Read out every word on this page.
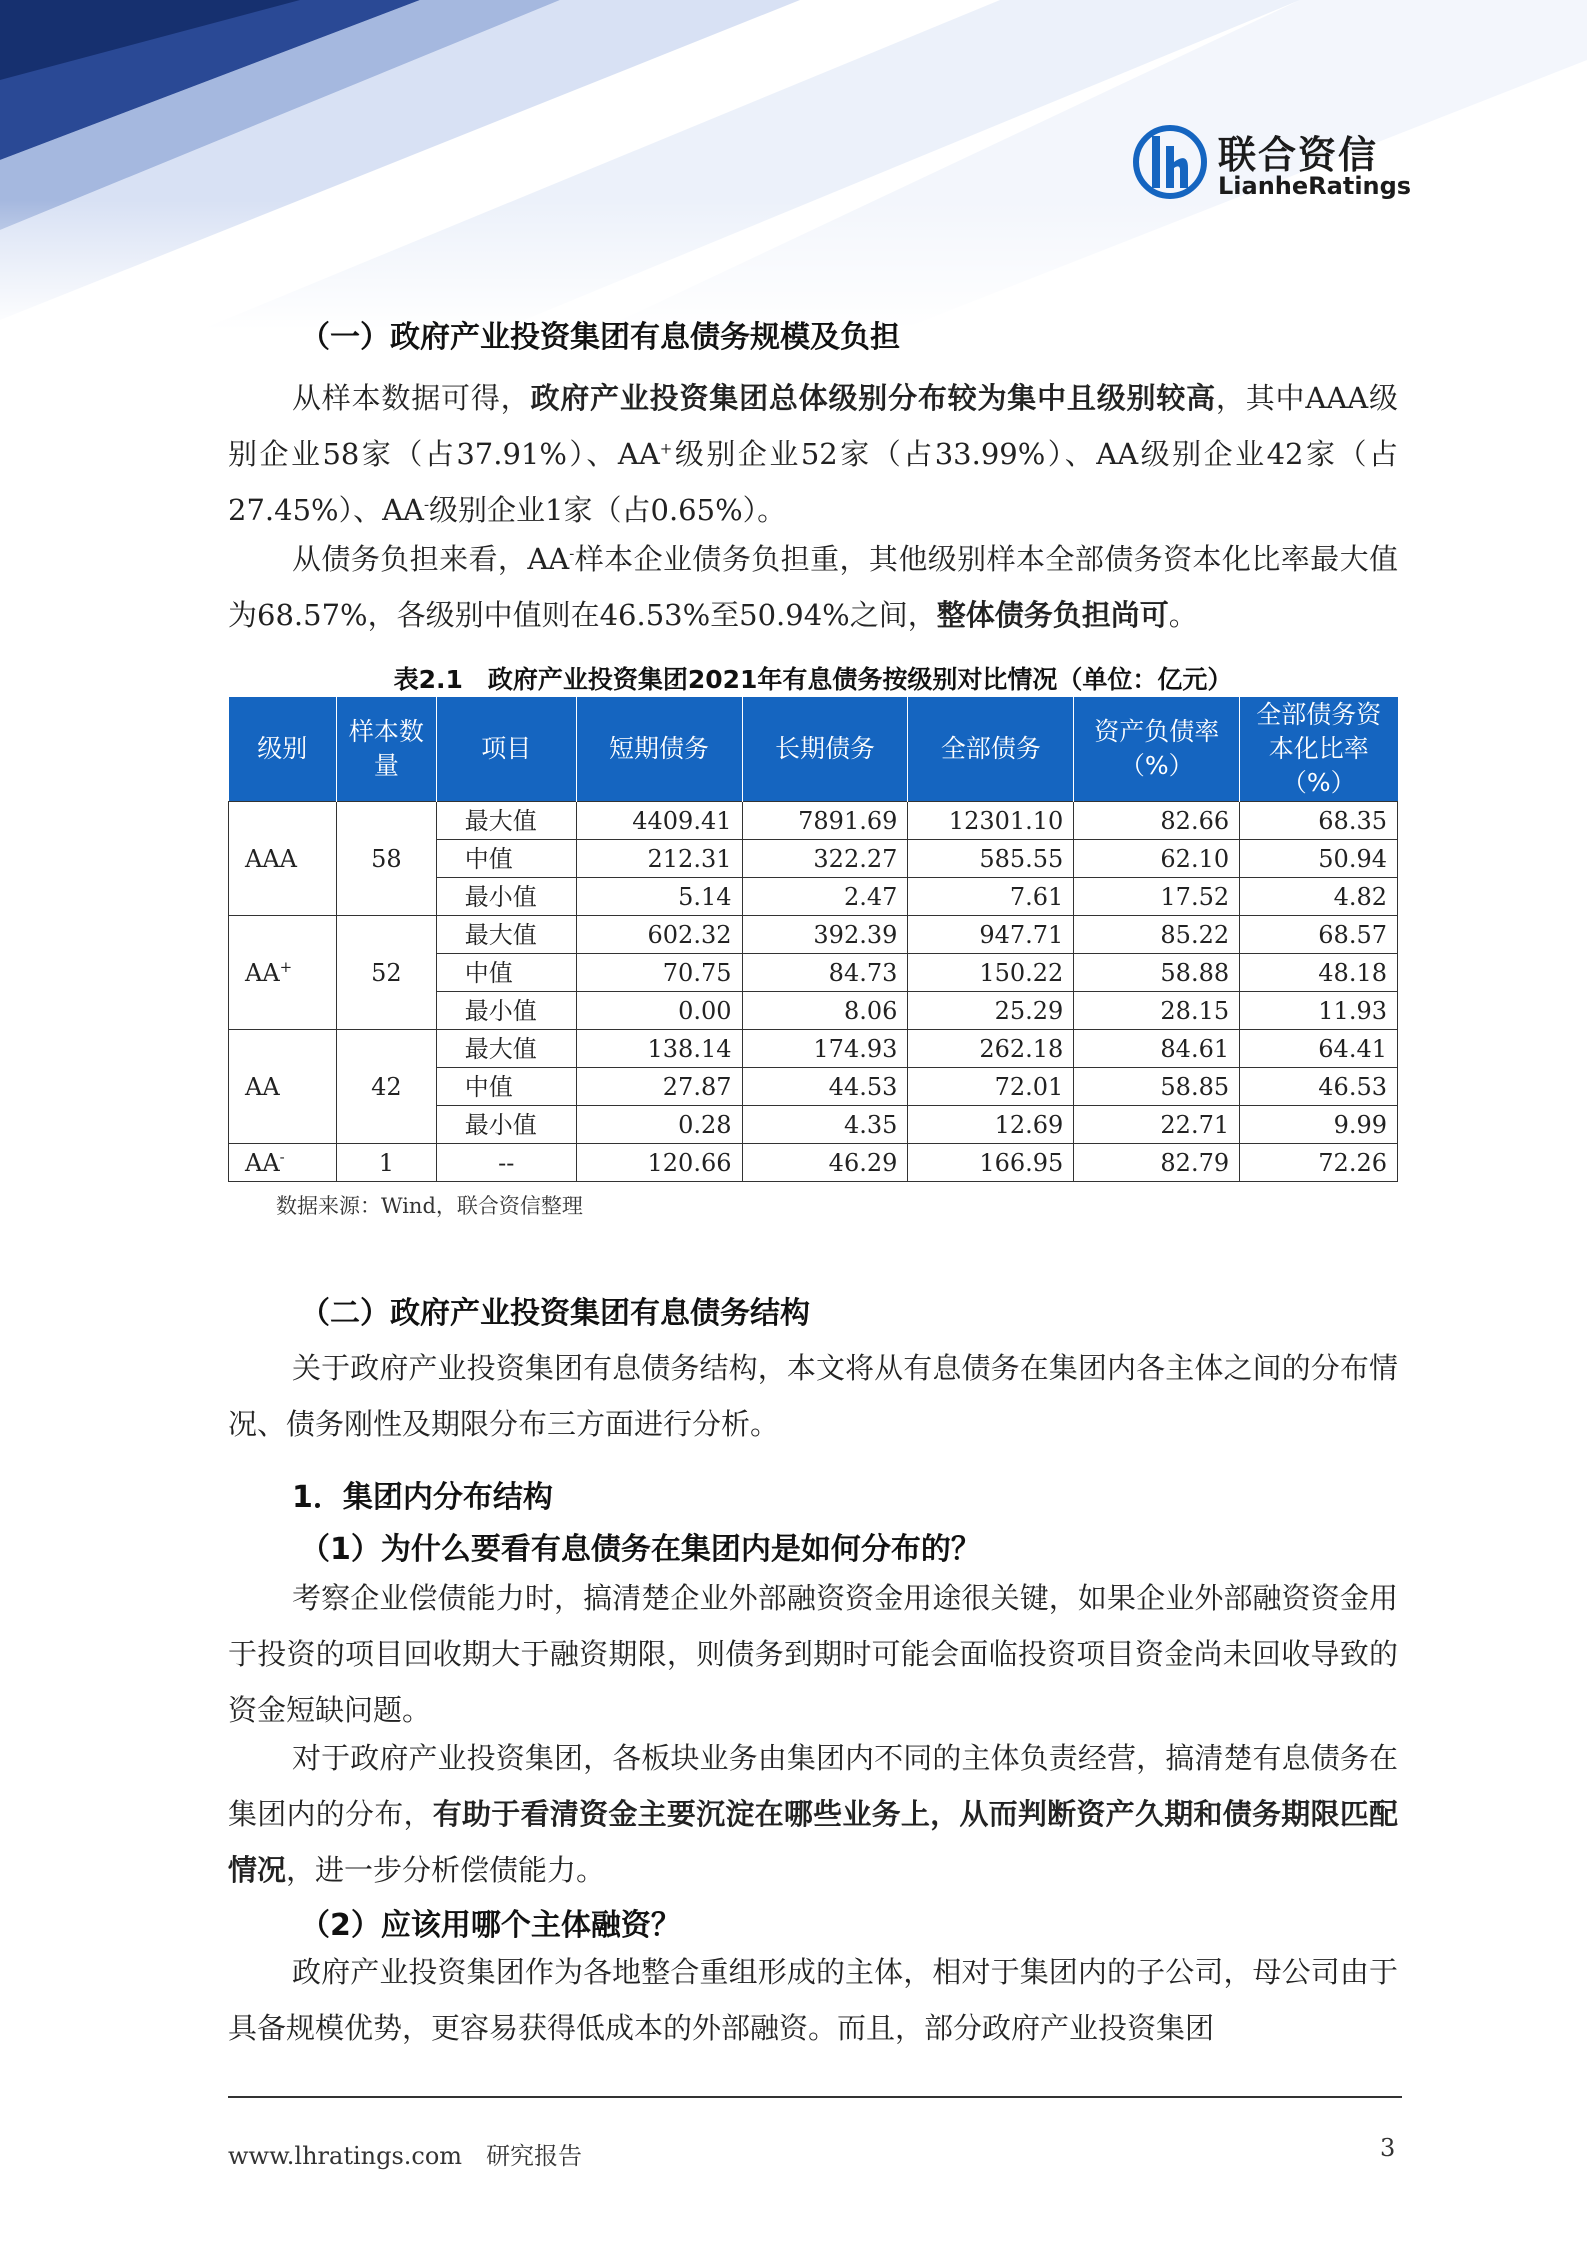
联合资信
LianheRatings
（一）政府产业投资集团有息债务规模及负担
从样本数据可得，政府产业投资集团总体级别分布较为集中且级别较高，其中AAA级别企业58家（占37.91%）、AA+级别企业52家（占33.99%）、AA级别企业42家（占27.45%）、AA-级别企业1家（占0.65%）。
从债务负担来看，AA-样本企业债务负担重，其他级别样本全部债务资本化比率最大值为68.57%，各级别中值则在46.53%至50.94%之间，整体债务负担尚可。
表2.1　政府产业投资集团2021年有息债务按级别对比情况（单位：亿元）
级别	样本数量	项目	短期债务	长期债务	全部债务	资产负债率（%）	全部债务资本化比率（%）
AAA	58	最大值	4409.41	7891.69	12301.10	82.66	68.35
		中值	212.31	322.27	585.55	62.10	50.94
		最小值	5.14	2.47	7.61	17.52	4.82
AA+	52	最大值	602.32	392.39	947.71	85.22	68.57
		中值	70.75	84.73	150.22	58.88	48.18
		最小值	0.00	8.06	25.29	28.15	11.93
AA	42	最大值	138.14	174.93	262.18	84.61	64.41
		中值	27.87	44.53	72.01	58.85	46.53
		最小值	0.28	4.35	12.69	22.71	9.99
AA-	1	--	120.66	46.29	166.95	82.79	72.26
数据来源：Wind，联合资信整理
（二）政府产业投资集团有息债务结构
关于政府产业投资集团有息债务结构，本文将从有息债务在集团内各主体之间的分布情况、债务刚性及期限分布三方面进行分析。
1．集团内分布结构
（1）为什么要看有息债务在集团内是如何分布的？
考察企业偿债能力时，搞清楚企业外部融资资金用途很关键，如果企业外部融资资金用于投资的项目回收期大于融资期限，则债务到期时可能会面临投资项目资金尚未回收导致的资金短缺问题。
对于政府产业投资集团，各板块业务由集团内不同的主体负责经营，搞清楚有息债务在集团内的分布，有助于看清资金主要沉淀在哪些业务上，从而判断资产久期和债务期限匹配情况，进一步分析偿债能力。
（2）应该用哪个主体融资？
政府产业投资集团作为各地整合重组形成的主体，相对于集团内的子公司，母公司由于具备规模优势，更容易获得低成本的外部融资。而且，部分政府产业投资集团
www.lhratings.com　 研究报告	3
